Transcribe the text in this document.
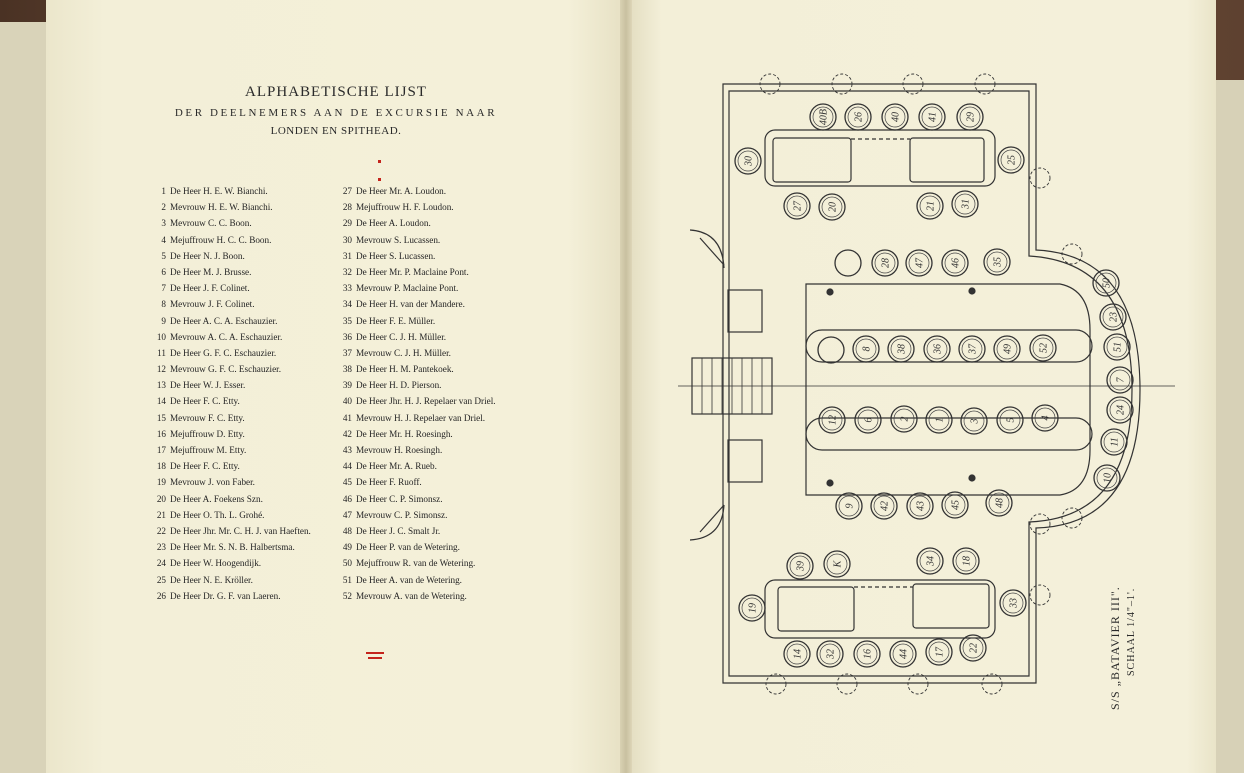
ALPHABETISCHE LIJST
DER DEELNEMERS AAN DE EXCURSIE NAAR
LONDEN EN SPITHEAD.
1 De Heer H. E. W. Bianchi.
2 Mevrouw H. E. W. Bianchi.
3 Mevrouw C. C. Boon.
4 Mejuffrouw H. C. C. Boon.
5 De Heer N. J. Boon.
6 De Heer M. J. Brusse.
7 De Heer J. F. Colinet.
8 Mevrouw J. F. Colinet.
9 De Heer A. C. A. Eschauzier.
10 Mevrouw A. C. A. Eschauzier.
11 De Heer G. F. C. Eschauzier.
12 Mevrouw G. F. C. Eschauzier.
13 De Heer W. J. Esser.
14 De Heer F. C. Etty.
15 Mevrouw F. C. Etty.
16 Mejuffrouw D. Etty.
17 Mejuffrouw M. Etty.
18 De Heer F. C. Etty.
19 Mevrouw J. von Faber.
20 De Heer A. Foekens Szn.
21 De Heer O. Th. L. Grohé.
22 De Heer Jhr. Mr. C. H. J. van Haeften.
23 De Heer Mr. S. N. B. Halbertsma.
24 De Heer W. Hoogendijk.
25 De Heer N. E. Kröller.
26 De Heer Dr. G. F. van Laeren.
27 De Heer Mr. A. Loudon.
28 Mejuffrouw H. F. Loudon.
29 De Heer A. Loudon.
30 Mevrouw S. Lucassen.
31 De Heer S. Lucassen.
32 De Heer Mr. P. Maclaine Pont.
33 Mevrouw P. Maclaine Pont.
34 De Heer H. van der Mandere.
35 De Heer F. E. Müller.
36 De Heer C. J. H. Müller.
37 Mevrouw C. J. H. Müller.
38 De Heer H. M. Pantekoek.
39 De Heer H. D. Pierson.
40 De Heer Jhr. H. J. Repelaer van Driel.
41 Mevrouw H. J. Repelaer van Driel.
42 De Heer Mr. H. Roesingh.
43 Mevrouw H. Roesingh.
44 De Heer Mr. A. Rueb.
45 De Heer F. Ruoff.
46 De Heer C. P. Simonsz.
47 Mevrouw C. P. Simonsz.
48 De Heer J. C. Smalt Jr.
49 De Heer P. van de Wetering.
50 Mejuffrouw R. van de Wetering.
51 De Heer A. van de Wetering.
52 Mevrouw A. van de Wetering.
40B 26	40	41	29
30	25
27 20	21 31
28 47	46	35
50
23
8 38	36 37 49	52	51
7
12	6	2 1 3	5 4
24
11
10
9 42	43 45	48
39	K	34	18
19	33
14 32	16	44	17 22	S/S „BATAVIER III". SCHAAL 1/4"–1'.
